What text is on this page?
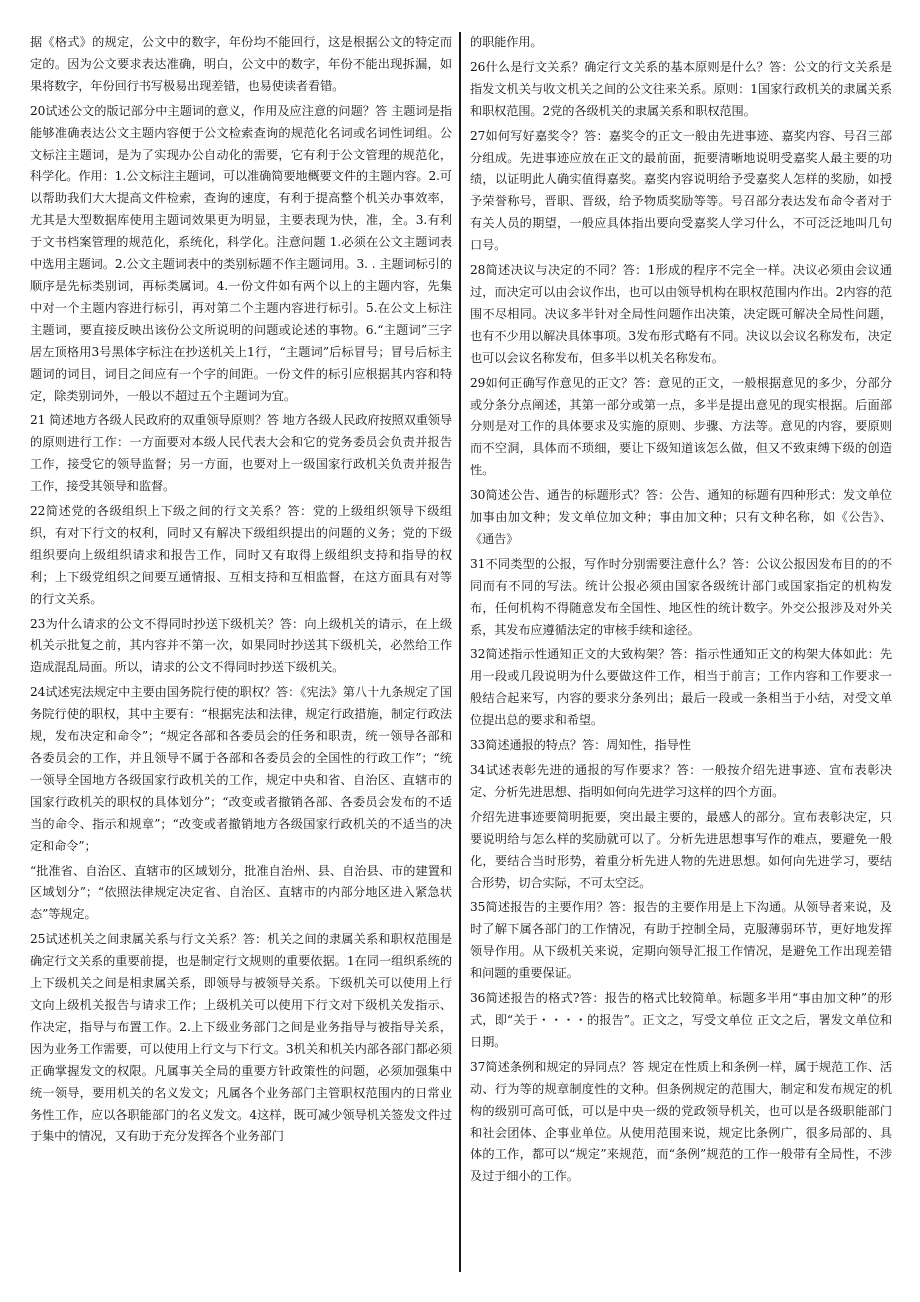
据《格式》的规定，公文中的数字，年份均不能回行，这是根据公文的特定而定的。因为公文要求表达准确，明白，公文中的数字，年份不能出现拆漏，如果将数字，年份回行书写极易出现差错，也易使读者看错。

20试述公文的版记部分中主题词的意义，作用及应注意的问题？答 主题词是指能够准确表达公文主题内容便于公文检索查询的规范化名词或名词性词组。公文标注主题词，是为了实现办公自动化的需要，它有利于公文管理的规范化，科学化。作用：1.公文标注主题词，可以准确简要地概要文件的主题内容。2.可以帮助我们大大提高文件检索，查询的速度，有利于提高整个机关办事效率，尤其是大型数据库使用主题词效果更为明显，主要表现为快，准，全。3.有利于文书档案管理的规范化，系统化，科学化。注意问题 1.必须在公文主题词表中选用主题词。2.公文主题词表中的类别标题不作主题词用。3. . 主题词标引的顺序是先标类别词，再标类属词。4.一份文件如有两个以上的主题内容，先集中对一个主题内容进行标引，再对第二个主题内容进行标引。5.在公文上标注主题词，要直接反映出该份公文所说明的问题或论述的事物。6.“主题词”三字居左顶格用3号黑体字标注在抄送机关上1行，“主题词”后标冒号；冒号后标主题词的词目，词目之间应有一个字的间距。一份文件的标引应根据其内容和特定，除类别词外，一般以不超过五个主题词为宜。

21 简述地方各级人民政府的双重领导原则？答 地方各级人民政府按照双重领导的原则进行工作：一方面要对本级人民代表大会和它的党务委员会负责并报告工作，接受它的领导监督；另一方面，也要对上一级国家行政机关负责并报告工作，接受其领导和监督。

22简述党的各级组织上下级之间的行文关系？答：党的上级组织领导下级组织，有对下行文的权利，同时又有解决下级组织提出的问题的义务；党的下级组织要向上级组织请求和报告工作，同时又有取得上级组织支持和指导的权利；上下级党组织之间要互通情报、互相支持和互相监督，在这方面具有对等的行文关系。

23为什么请求的公文不得同时抄送下级机关？答：向上级机关的请示，在上级机关示批复之前，其内容并不第一次，如果同时抄送其下级机关，必然给工作造成混乱局面。所以，请求的公文不得同时抄送下级机关。

24试述宪法规定中主要由国务院行使的职权？答：《宪法》第八十九条规定了国务院行使的职权，其中主要有：“根据宪法和法律，规定行政措施，制定行政法规，发布决定和命令”；“规定各部和各委员会的任务和职责，统一领导各部和各委员会的工作，并且领导不属于各部和各委员会的全国性的行政工作”；“统一领导全国地方各级国家行政机关的工作，规定中央和省、自治区、直辖市的国家行政机关的职权的具体划分”；“改变或者撤销各部、各委员会发布的不适当的命令、指示和规章”；“改变或者撤销地方各级国家行政机关的不适当的决定和命令”；

“批准省、自治区、直辖市的区域划分，批准自治州、县、自治县、市的建置和区域划分”；“依照法律规定决定省、自治区、直辖市的内部分地区进入紧急状态”等规定。

25试述机关之间隶属关系与行文关系？答：机关之间的隶属关系和职权范围是确定行文关系的重要前提，也是制定行文规则的重要依据。1在同一组织系统的上下级机关之间是相隶属关系，即领导与被领导关系。下级机关可以使用上行文向上级机关报告与请求工作；上级机关可以使用下行文对下级机关发指示、作决定，指导与布置工作。2.上下级业务部门之间是业务指导与被指导关系，因为业务工作需要，可以使用上行文与下行文。3机关和机关内部各部门都必须正确掌握发文的权限。凡属事关全局的重要方针政策性的问题，必须加强集中统一领导，要用机关的名义发文；凡属各个业务部门主管职权范围内的日常业务性工作，应以各职能部门的名义发文。4这样，既可减少领导机关签发文件过于集中的情况，又有助于充分发挥各个业务部门

的职能作用。

26什么是行文关系？确定行文关系的基本原则是什么？答：公文的行文关系是指发文机关与收文机关之间的公文往来关系。原则：1国家行政机关的隶属关系和职权范围。2党的各级机关的隶属关系和职权范围。

27如何写好嘉奖令？答：嘉奖令的正文一般由先进事迹、嘉奖内容、号召三部分组成。先进事迹应放在正文的最前面，扼要清晰地说明受嘉奖人最主要的功绩，以证明此人确实值得嘉奖。嘉奖内容说明给予受嘉奖人怎样的奖励，如授予荣誉称号，晋职、晋级，给予物质奖励等等。号召部分表达发布命令者对于有关人员的期望，一般应具体指出要向受嘉奖人学习什么，不可泛泛地叫几句口号。

28简述决议与决定的不同？答：1形成的程序不完全一样。决议必须由会议通过，而决定可以由会议作出，也可以由领导机构在职权范围内作出。2内容的范围不尽相同。决议多半针对全局性问题作出决策，决定既可解决全局性问题，也有不少用以解决具体事项。3发布形式略有不同。决议以会议名称发布，决定也可以会议名称发布，但多半以机关名称发布。

29如何正确写作意见的正文？答：意见的正文，一般根据意见的多少，分部分或分条分点阐述，其第一部分或第一点，多半是提出意见的现实根据。后面部分则是对工作的具体要求及实施的原则、步骤、方法等。意见的内容，要原则而不空洞，具体而不琐细，要让下级知道该怎么做，但又不致束缚下级的创造性。

30简述公告、通告的标题形式？答：公告、通知的标题有四种形式：发文单位加事由加文种；发文单位加文种；事由加文种；只有文种名称，如《公告》、《通告》

31不同类型的公报，写作时分别需要注意什么？答：公议公报因发布目的的不同而有不同的写法。统计公报必须由国家各级统计部门或国家指定的机构发布，任何机构不得随意发布全国性、地区性的统计数字。外交公报涉及对外关系，其发布应遵循法定的审核手续和途径。

32简述指示性通知正文的大致构架？答：指示性通知正文的构架大体如此：先用一段或几段说明为什么要做这件工作，相当于前言；工作内容和工作要求一般结合起来写，内容的要求分条列出；最后一段或一条相当于小结，对受文单位提出总的要求和希望。

33简述通报的特点？答：周知性，指导性

34试述表彰先进的通报的写作要求？答：一般按介绍先进事迹、宣布表彰决定、分析先进思想、指明如何向先进学习这样的四个方面。

介绍先进事迹要简明扼要，突出最主要的，最感人的部分。宣布表彰决定，只要说明给与怎么样的奖励就可以了。分析先进思想事写作的难点，要避免一般化，要结合当时形势，着重分析先进人物的先进思想。如何向先进学习，要结合形势，切合实际，不可太空泛。

35简述报告的主要作用？答：报告的主要作用是上下沟通。从领导者来说，及时了解下属各部门的工作情况，有助于控制全局，克服薄弱环节，更好地发挥领导作用。从下级机关来说，定期向领导汇报工作情况，是避免工作出现差错和问题的重要保证。

36简述报告的格式?答：报告的格式比较简单。标题多半用“事由加文种”的形式，即“关于・・・・的报告”。正文之，写受文单位 正文之后，署发文单位和日期。

37简述条例和规定的异同点？答 规定在性质上和条例一样，属于规范工作、活动、行为等的规章制度性的文种。但条例规定的范围大，制定和发布规定的机构的级别可高可低，可以是中央一级的党政领导机关，也可以是各级职能部门和社会团体、企事业单位。从使用范围来说，规定比条例广，很多局部的、具体的工作，都可以“规定”来规范，而“条例”规范的工作一般带有全局性，不涉及过于细小的工作。
